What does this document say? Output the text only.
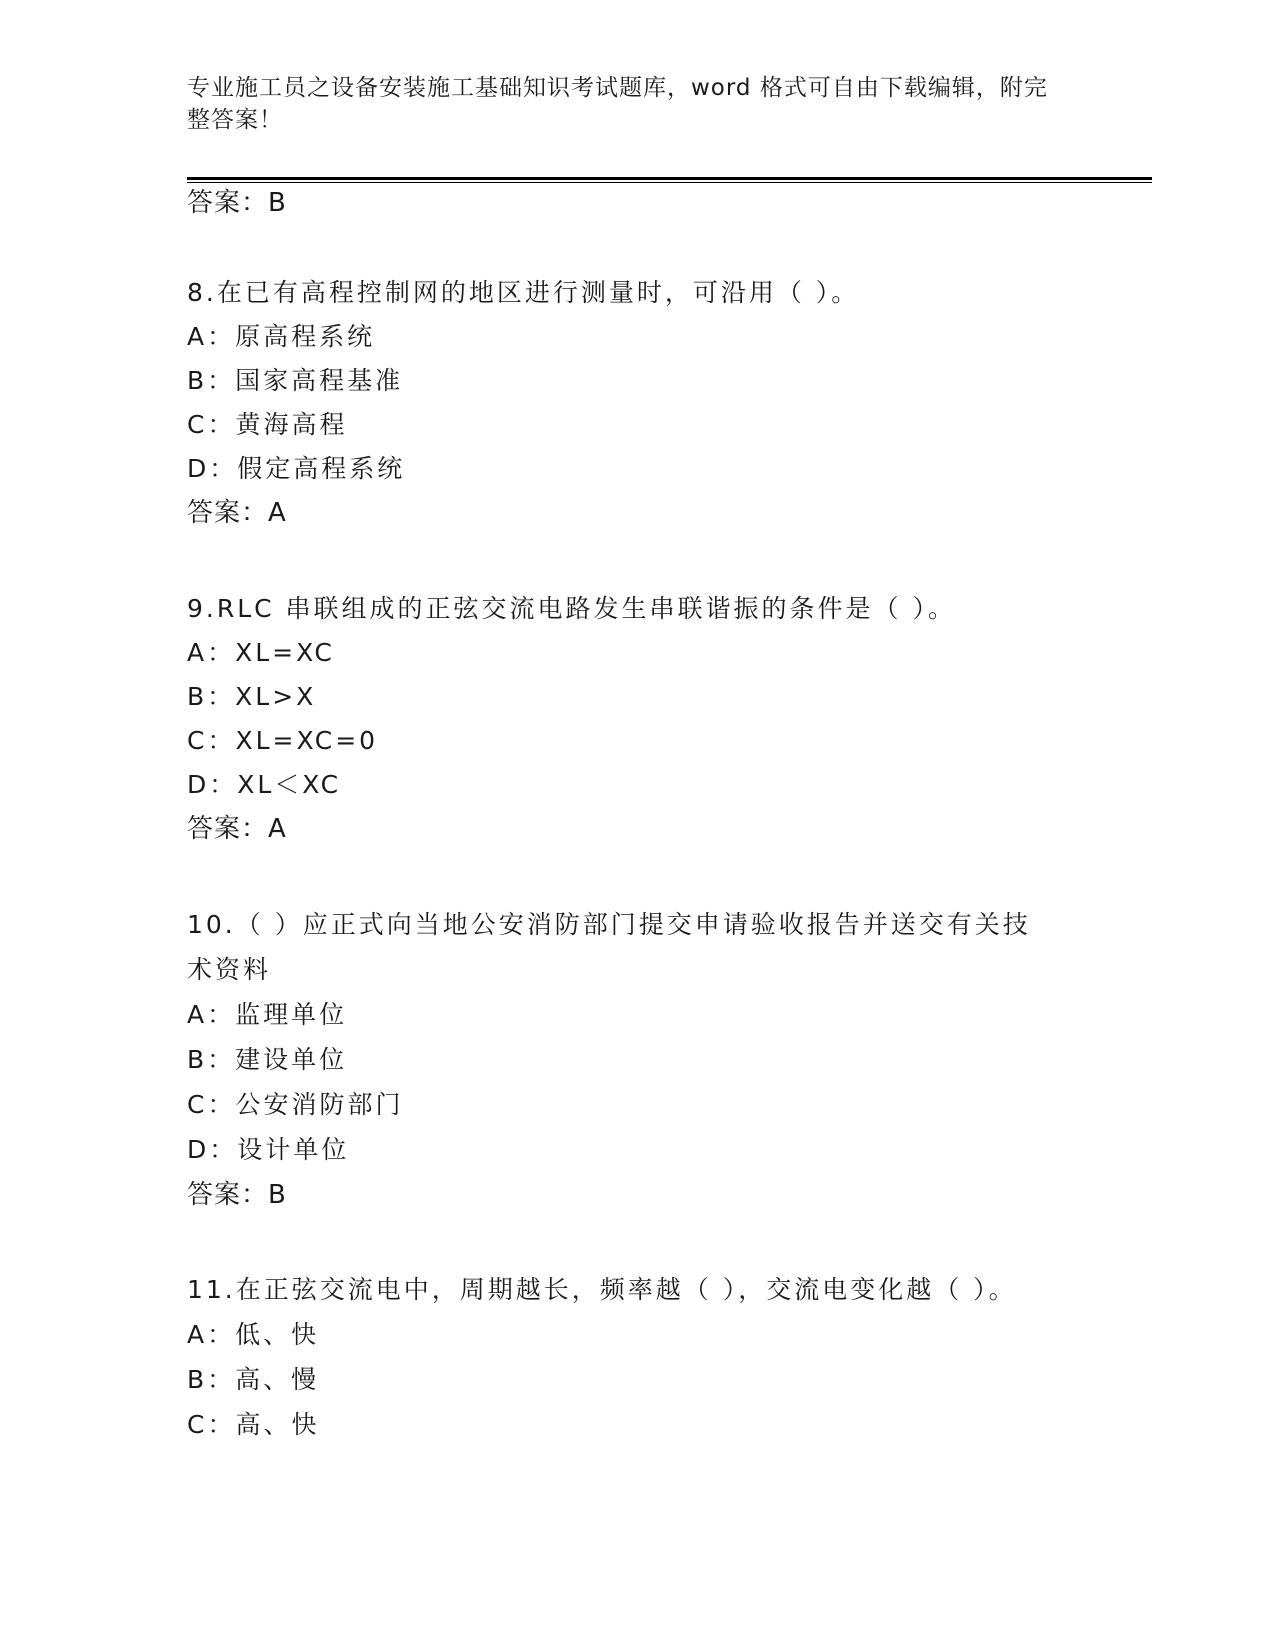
专业施工员之设备安装施工基础知识考试题库，word 格式可自由下载编辑，附完整答案！
答案：B
8.在已有高程控制网的地区进行测量时，可沿用（ ）。
A：原高程系统
B：国家高程基准
C：黄海高程
D：假定高程系统
答案：A
9.RLC 串联组成的正弦交流电路发生串联谐振的条件是（ ）。
A：XL=XC
B：XL>X
C：XL=XC=0
D：XL＜XC
答案：A
10.（ ）应正式向当地公安消防部门提交申请验收报告并送交有关技
术资料
A：监理单位
B：建设单位
C：公安消防部门
D：设计单位
答案：B
11.在正弦交流电中，周期越长，频率越（ ），交流电变化越（ ）。
A：低、快
B：高、慢
C：高、快
